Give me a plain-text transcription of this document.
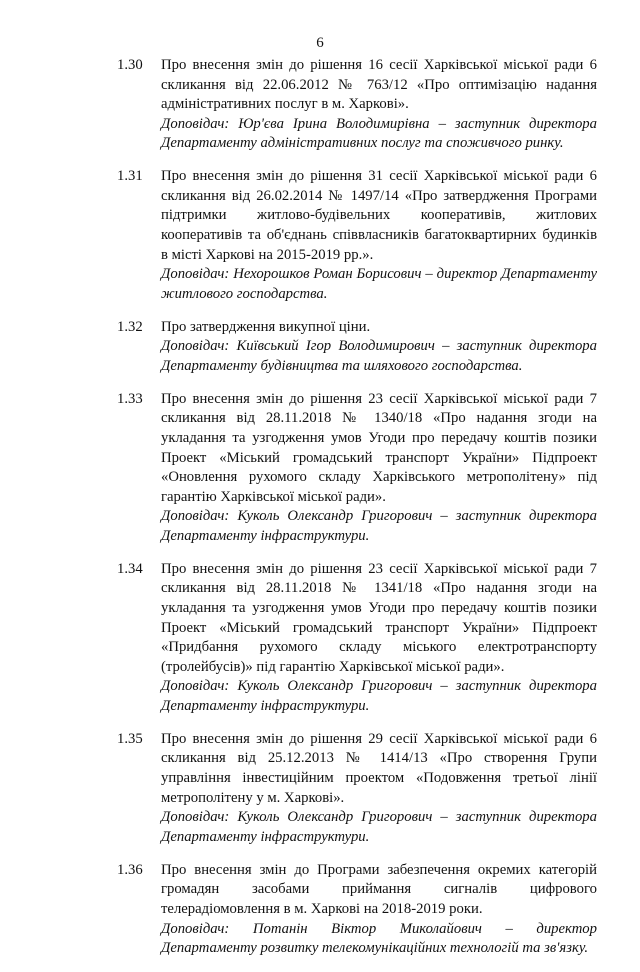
6
1.30	Про внесення змін до рішення 16 сесії Харківської міської ради 6 скликання від 22.06.2012 № 763/12 «Про оптимізацію надання адміністративних послуг в м. Харкові».
Доповідач: Юр'єва Ірина Володимирівна – заступник директора Департаменту адміністративних послуг та споживчого ринку.
1.31	Про внесення змін до рішення 31 сесії Харківської міської ради 6 скликання від 26.02.2014 № 1497/14 «Про затвердження Програми підтримки житлово-будівельних кооперативів, житлових кооперативів та об'єднань співвласників багатоквартирних будинків в місті Харкові на 2015-2019 рр.».
Доповідач: Нехорошков Роман Борисович – директор Департаменту житлового господарства.
1.32	Про затвердження викупної ціни.
Доповідач: Київський Ігор Володимирович – заступник директора Департаменту будівництва та шляхового господарства.
1.33	Про внесення змін до рішення 23 сесії Харківської міської ради 7 скликання від 28.11.2018 № 1340/18 «Про надання згоди на укладання та узгодження умов Угоди про передачу коштів позики Проект «Міський громадський транспорт України» Підпроект «Оновлення рухомого складу Харківського метрополітену» під гарантію Харківської міської ради».
Доповідач: Куколь Олександр Григорович – заступник директора Департаменту інфраструктури.
1.34	Про внесення змін до рішення 23 сесії Харківської міської ради 7 скликання від 28.11.2018 № 1341/18 «Про надання згоди на укладання та узгодження умов Угоди про передачу коштів позики Проект «Міський громадський транспорт України» Підпроект «Придбання рухомого складу міського електротранспорту (тролейбусів)» під гарантію Харківської міської ради».
Доповідач: Куколь Олександр Григорович – заступник директора Департаменту інфраструктури.
1.35	Про внесення змін до рішення 29 сесії Харківської міської ради 6 скликання від 25.12.2013 № 1414/13 «Про створення Групи управління інвестиційним проектом «Подовження третьої лінії метрополітену у м. Харкові».
Доповідач: Куколь Олександр Григорович – заступник директора Департаменту інфраструктури.
1.36	Про внесення змін до Програми забезпечення окремих категорій громадян засобами приймання сигналів цифрового телерадіомовлення в м. Харкові на 2018-2019 роки.
Доповідач: Потанін Віктор Миколайович – директор Департаменту розвитку телекомунікаційних технологій та зв'язку.
